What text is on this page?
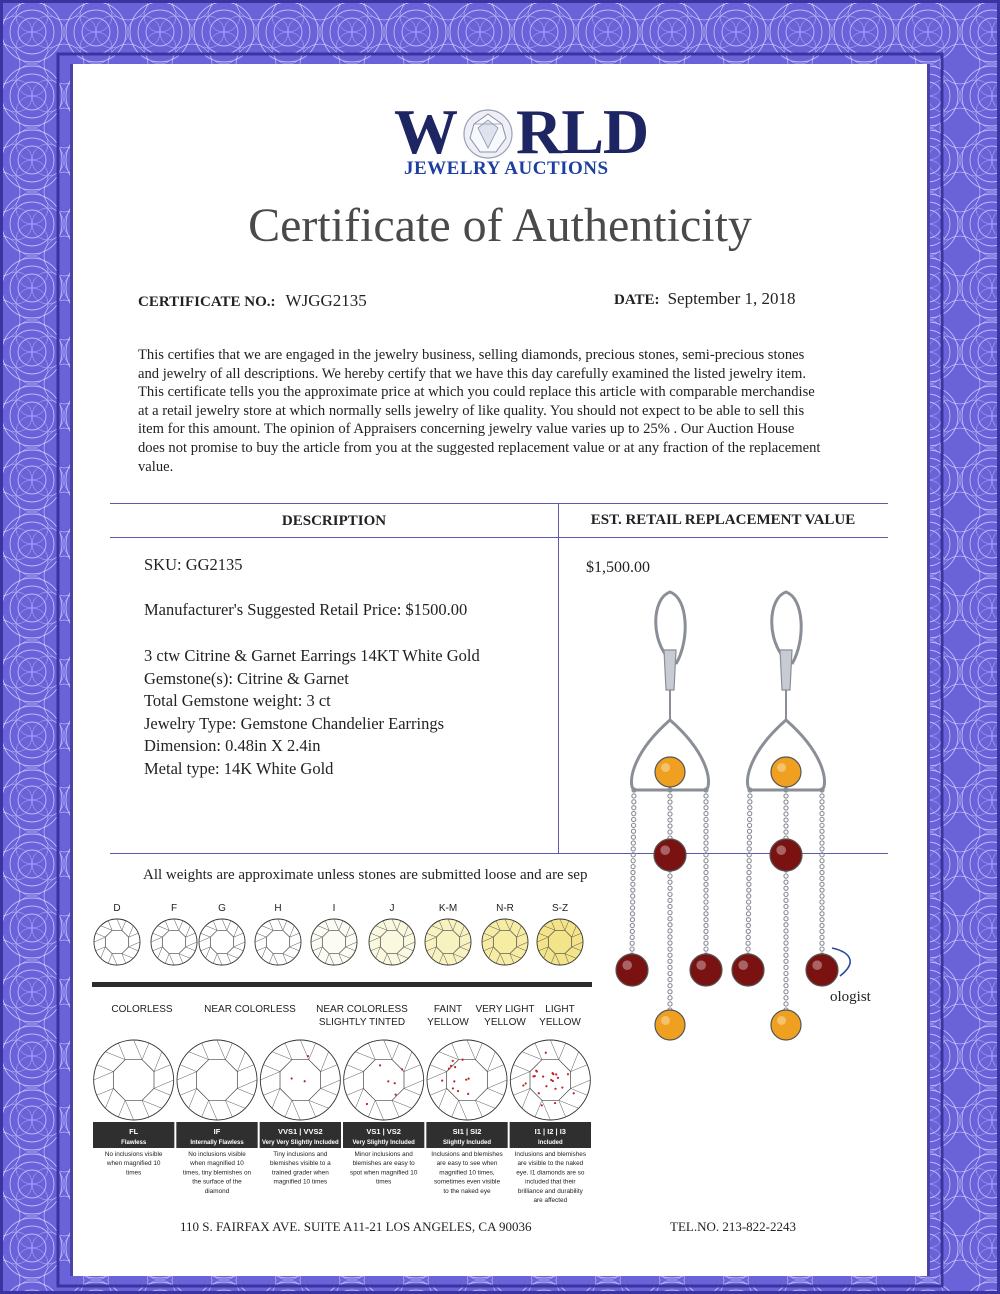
W RLD
JEWELRY AUCTIONS
Certificate of Authenticity
CERTIFICATE NO.: WJGG2135	DATE: September 1, 2018
This certifies that we are engaged in the jewelry business, selling diamonds, precious stones, semi-precious stones
and jewelry of all descriptions. We hereby certify that we have this day carefully examined the listed jewelry item.
This certificate tells you the approximate price at which you could replace this article with comparable merchandise
at a retail jewelry store at which normally sells jewelry of like quality. You should not expect to be able to sell this
item for this amount. The opinion of Appraisers concerning jewelry value varies up to 25% . Our Auction House
does not promise to buy the article from you at the suggested replacement value or at any fraction of the replacement
value.
DESCRIPTION	EST. RETAIL REPLACEMENT VALUE
SKU: GG2135
Manufacturer's Suggested Retail Price: $1500.00
3 ctw Citrine & Garnet Earrings 14KT White Gold
Gemstone(s): Citrine & Garnet
Total Gemstone weight: 3 ct
Jewelry Type: Gemstone Chandelier Earrings
Dimension: 0.48in X 2.4in
Metal type: 14K White Gold
$1,500.00
All weights are approximate unless stones are submitted loose and are sep
ologist
D	F	G	H	I	J	K-M	N-R	S-Z
COLORLESS	NEAR COLORLESS NEAR COLORLESS
SLIGHTLY TINTED
FAINT
YELLOW
VERY LIGHT
YELLOW
LIGHT
YELLOW
FL
Flawless
No inclusions visible
when magnified 10
times
IF
Internally Flawless
No inclusions visible
when magnified 10
times, tiny blemishes on
the surface of the
diamond
VVS1 | VVS2
Very Very Slightly Included
Tiny inclusions and
blemishes visible to a
trained grader when
magnified 10 times
VS1 | VS2
Very Slightly Included
Minor inclusions and
blemishes are easy to
spot when magnified 10
times
SI1 | SI2
Slightly Included
Inclusions and blemishes
are easy to see when
magnified 10 times,
sometimes even visible
to the naked eye
I1 | I2 | I3
Included
Inclusions and blemishes
are visible to the naked
eye. I1 diamonds are so
included that their
brilliance and durability
are affected
110 S. FAIRFAX AVE. SUITE A11-21 LOS ANGELES, CA 90036	TEL.NO. 213-822-2243
